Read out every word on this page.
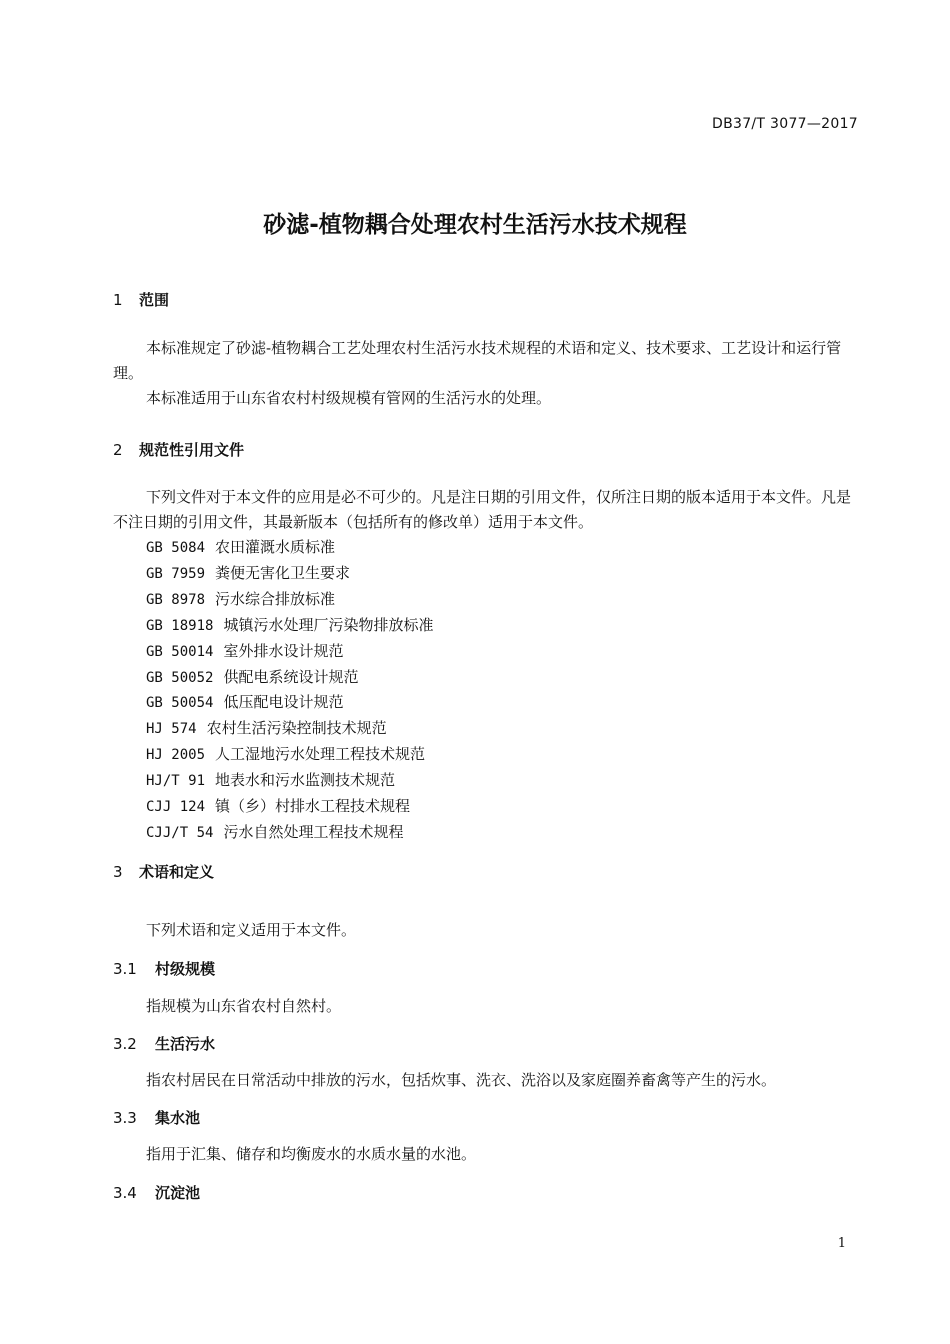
DB37/T 3077—2017
砂滤-植物耦合处理农村生活污水技术规程
1 范围
本标准规定了砂滤-植物耦合工艺处理农村生活污水技术规程的术语和定义、技术要求、工艺设计和运行管理。
本标准适用于山东省农村村级规模有管网的生活污水的处理。
2 规范性引用文件
下列文件对于本文件的应用是必不可少的。凡是注日期的引用文件，仅所注日期的版本适用于本文件。凡是不注日期的引用文件，其最新版本（包括所有的修改单）适用于本文件。
GB 5084 农田灌溉水质标准
GB 7959 粪便无害化卫生要求
GB 8978 污水综合排放标准
GB 18918 城镇污水处理厂污染物排放标准
GB 50014 室外排水设计规范
GB 50052 供配电系统设计规范
GB 50054 低压配电设计规范
HJ 574 农村生活污染控制技术规范
HJ 2005 人工湿地污水处理工程技术规范
HJ/T 91 地表水和污水监测技术规范
CJJ 124 镇（乡）村排水工程技术规程
CJJ/T 54 污水自然处理工程技术规程
3 术语和定义
下列术语和定义适用于本文件。
3.1 村级规模
指规模为山东省农村自然村。
3.2 生活污水
指农村居民在日常活动中排放的污水，包括炊事、洗衣、洗浴以及家庭圈养畜禽等产生的污水。
3.3 集水池
指用于汇集、储存和均衡废水的水质水量的水池。
3.4 沉淀池
1
